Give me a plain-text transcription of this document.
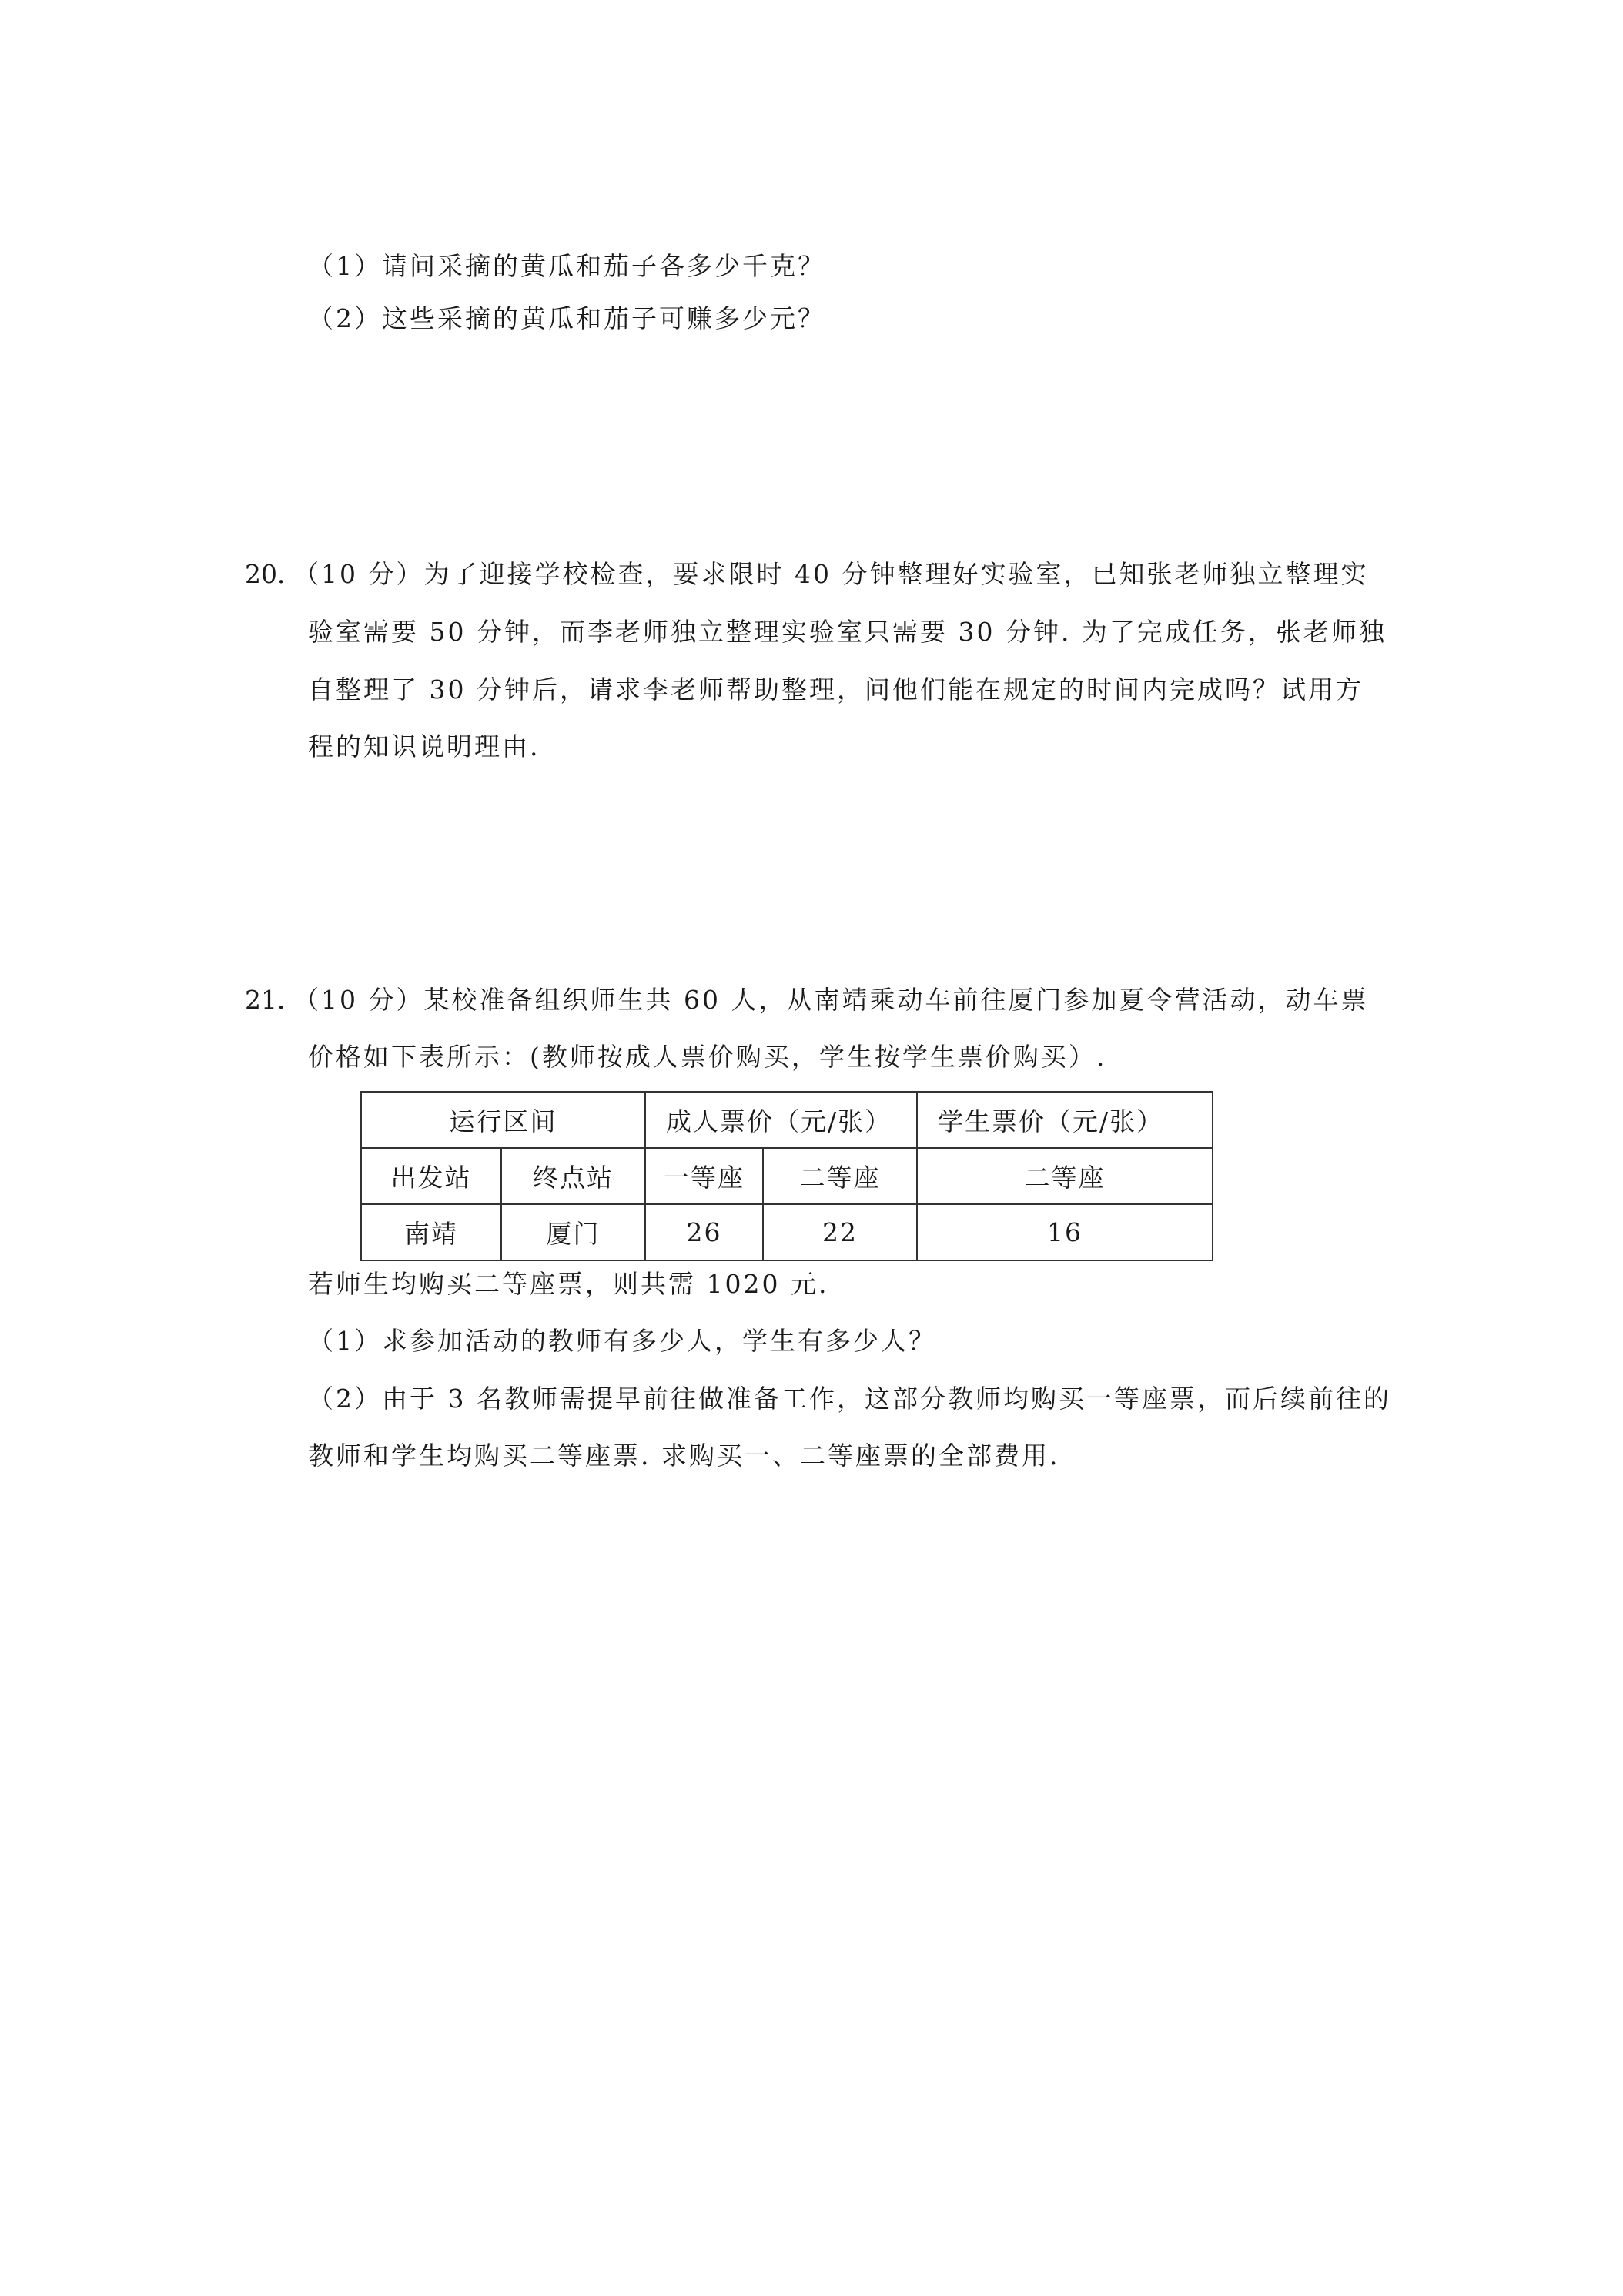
（1）请问采摘的黄瓜和茄子各多少千克？
（2）这些采摘的黄瓜和茄子可赚多少元？
20．
（10 分）为了迎接学校检查，要求限时 40 分钟整理好实验室，已知张老师独立整理实
验室需要 50 分钟，而李老师独立整理实验室只需要 30 分钟. 为了完成任务，张老师独
自整理了 30 分钟后，请求李老师帮助整理，问他们能在规定的时间内完成吗？试用方
程的知识说明理由.
21．
（10 分）某校准备组织师生共 60 人，从南靖乘动车前往厦门参加夏令营活动，动车票
价格如下表所示：(教师按成人票价购买，学生按学生票价购买）.
运行区间		成人票价（元/张）		学生票价（元/张）
出发站	终点站	一等座	二等座	二等座
南靖	厦门	26	22	16
若师生均购买二等座票，则共需 1020 元.
（1）求参加活动的教师有多少人，学生有多少人？
（2）由于 3 名教师需提早前往做准备工作，这部分教师均购买一等座票，而后续前往的
教师和学生均购买二等座票. 求购买一、二等座票的全部费用.
